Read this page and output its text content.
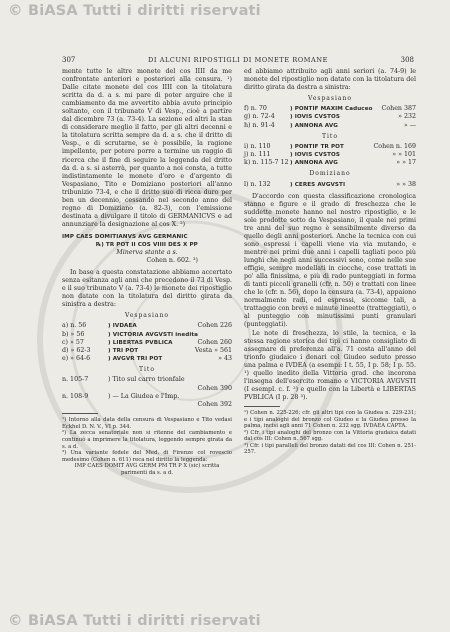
© BiASA Tutti i diritti riservati
307	DI ALCUNI RIPOSTIGLI DI MONETE ROMANE	308

mente tutte le altre monete del cos IIII da me confrontate anteriori e posteriori alla censura. ¹) Dalle citate monete del cos IIII con la titolatura scritta da d. a s. mi pare di poter arguire che il cambiamento da me avvertito abbia avuto principio soltanto, con il tribunato V di Vesp., cioè a partire dal dicembre 73 (a. 73-4). La sezione ed altri la stan di considerare meglio il fatto, per gli altri decenni e la titolatura scritta sempre da d. a s. che il dritto di Vesp., e di scrutarne, se è possibile, la ragione impellente, per potere porre a termine un raggio di ricerca che il fine di seguire la leggenda del dritto da d. a s. si asterrà, per quanto a noi consta, a tutte indistintamente le monete d'oro e d'argento di Vespasiano, Tito e Domiziano posteriori all'anno tribunizio 73-4, e che il dritto suo di ricca duro per ben un decennio, cessando nel secondo anno del regno di Domiziano (a. 82-3), con l'emissione destinata a divulgare il titolo di GERMANICVS e ad annunziare la designazione al cos X. ²)

IMP CAES DOMITIANVS AVG GERMANIC

℞) TR POT II COS VIIII DES X PP

Minerva stante a s.

Cohen n. 602. ³)

In base a questa constatazione abbiamo accertato senza esitanza agli anni che precedono il 73 di Vesp. e il suo tribunato V (a. 73-4) le monete dei ripostiglio non datate con la titolatura del diritto girata da sinistra a destra:

Vespasiano
a) n. 56	) IVDAEA	Cohen 226
b) » 56	) VICTORIA AVGVSTI inedita
c) » 57	) LIBERTAS PVBLICA	Cohen 260
d) » 62-3	) TRI POT	Vesta » 561
e) » 64-6	) AVGVR TRI POT	» 43
Tito
n. 105-7	) Tito sul carro trionfale
Cohen 390
n. 108-9	) — La Giudea e l'Imp.
Cohen 392

¹) Intorno alla data della censura di Vespasiano e Tito vedasi Eckhel D. N. V., VI p. 344.

²) La zecca senatoriale non si ritenne del cambiamento e continuò a imprimere la titolatura, leggendo sempre girata da s. a d.

³) Una variante fedele del Med. di Firenze col rovescio medesimo (Cohen n. 611) reca nel diritto la leggenda:

IMP CAES DOMIT AVG GERM PM TR P X (sic) scritta parimenti da s. a d.

ed abbiamo attribuito agli anni seriori (a. 74-9) le monete del ripostiglio non datate con la titolatura del diritto girata da destra a sinistra:

Vespasiano
f) n. 70	) PONTIF MAXIM Caduceo	Cohen 387
g) n. 72-4	) IOVIS CVSTOS	» 232
h) n. 91-4	) ANNONA AVG	» —
Tito
i) n. 110	) PONTIF TR POT	Cohen n. 169
j) n. 111	) IOVIS CVSTOS	» » 101
k) n. 115-7 12 ) ANNONA AVG	» » 17
Domiziano
l) n. 132	) CERES AVGVSTI	» » 38

D'accordo con questa classificazione cronologica stanno e figure e il grado di freschezza che le suddette monete hanno nel nostro ripostiglio, e le sole prodotte sotto da Vespasiano, il quale nei primi tre anni del suo regno è sensibilmente diverso da quello degli anni posteriori. Anche la tecnica con cui sono espressi i capelli viene via via mutando, e mentre nei primi due anni i capelli tagliati poco più lunghi che negli anni successivi sono, come nelle sue effigie, sempre modellati in ciocche, cose trattati in po' alla finissima, e più di rado punteggiati in forma di tanti piccoli granelli (cfr. n. 50) e trattati con linee che le (cfr. n. 56), dopo la censura (a. 73-4), appaiono normalmente radi, ed espressi, siccome tali, a trattaggio con brevi e minute lineette (tratteggiati), o al punteggio con minutissimi punti granulari (punteggiati).

Le note di freschezza, lo stile, la tecnica, e la stessa ragione storica dei tipi ci hanno consigliato di assegnare di preferenza all'a. 71 costa all'anno del trionfo giudaico i denari col Giudeo seduto presso una palma e IVDEA (a esempi: I t. 55, I p. 58; I p. 55. ¹) quello inedito della Vittoria grad. che incorona l'insegna dell'esercito romano e VICTORIA AVGVSTI (I esempl. c. f. ²) e quello con la Libertà e LIBERTAS PVBLICA (I p. 28 ³).

¹) Cohen n. 225-226; cfr. gli altri tipi con la Giudea n. 229-231; e i tipi analoghi del bronzo col Giudeo e la Giudea presso la palma, incisi agli anni 71 Cohen n. 232 sgg. IVDAEA CAPTA.

²) Cfr. i tipi analoghi del bronzo con la Vittoria giudaica datati dal cos III: Cohen n. 567 sgg.

³) Cfr. i tipi paralleli del bronzo datati del cos III: Cohen n. 251-257.

© BiASA Tutti i diritti riservati
